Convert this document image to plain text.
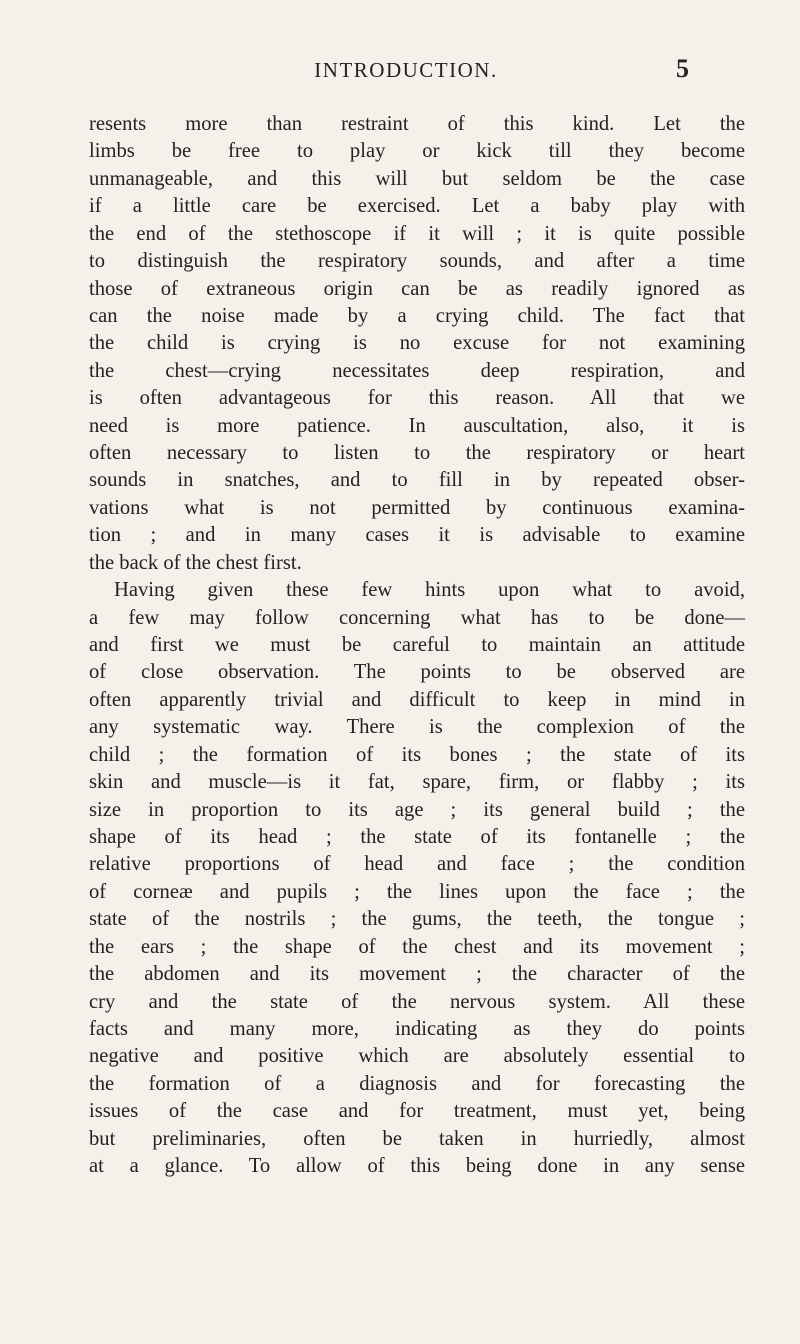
INTRODUCTION.	5
resents more than restraint of this kind. Let the
limbs be free to play or kick till they become
unmanageable, and this will but seldom be the case
if a little care be exercised. Let a baby play with
the end of the stethoscope if it will ; it is quite possible
to distinguish the respiratory sounds, and after a time
those of extraneous origin can be as readily ignored as
can the noise made by a crying child. The fact that
the child is crying is no excuse for not examining
the chest—crying necessitates deep respiration, and
is often advantageous for this reason. All that we
need is more patience. In auscultation, also, it is
often necessary to listen to the respiratory or heart
sounds in snatches, and to fill in by repeated obser-
vations what is not permitted by continuous examina-
tion ; and in many cases it is advisable to examine
the back of the chest first.
Having given these few hints upon what to avoid,
a few may follow concerning what has to be done—
and first we must be careful to maintain an attitude
of close observation. The points to be observed are
often apparently trivial and difficult to keep in mind in
any systematic way. There is the complexion of the
child ; the formation of its bones ; the state of its
skin and muscle—is it fat, spare, firm, or flabby ; its
size in proportion to its age ; its general build ; the
shape of its head ; the state of its fontanelle ; the
relative proportions of head and face ; the condition
of corneæ and pupils ; the lines upon the face ; the
state of the nostrils ; the gums, the teeth, the tongue ;
the ears ; the shape of the chest and its movement ;
the abdomen and its movement ; the character of the
cry and the state of the nervous system. All these
facts and many more, indicating as they do points
negative and positive which are absolutely essential to
the formation of a diagnosis and for forecasting the
issues of the case and for treatment, must yet, being
but preliminaries, often be taken in hurriedly, almost
at a glance. To allow of this being done in any sense
